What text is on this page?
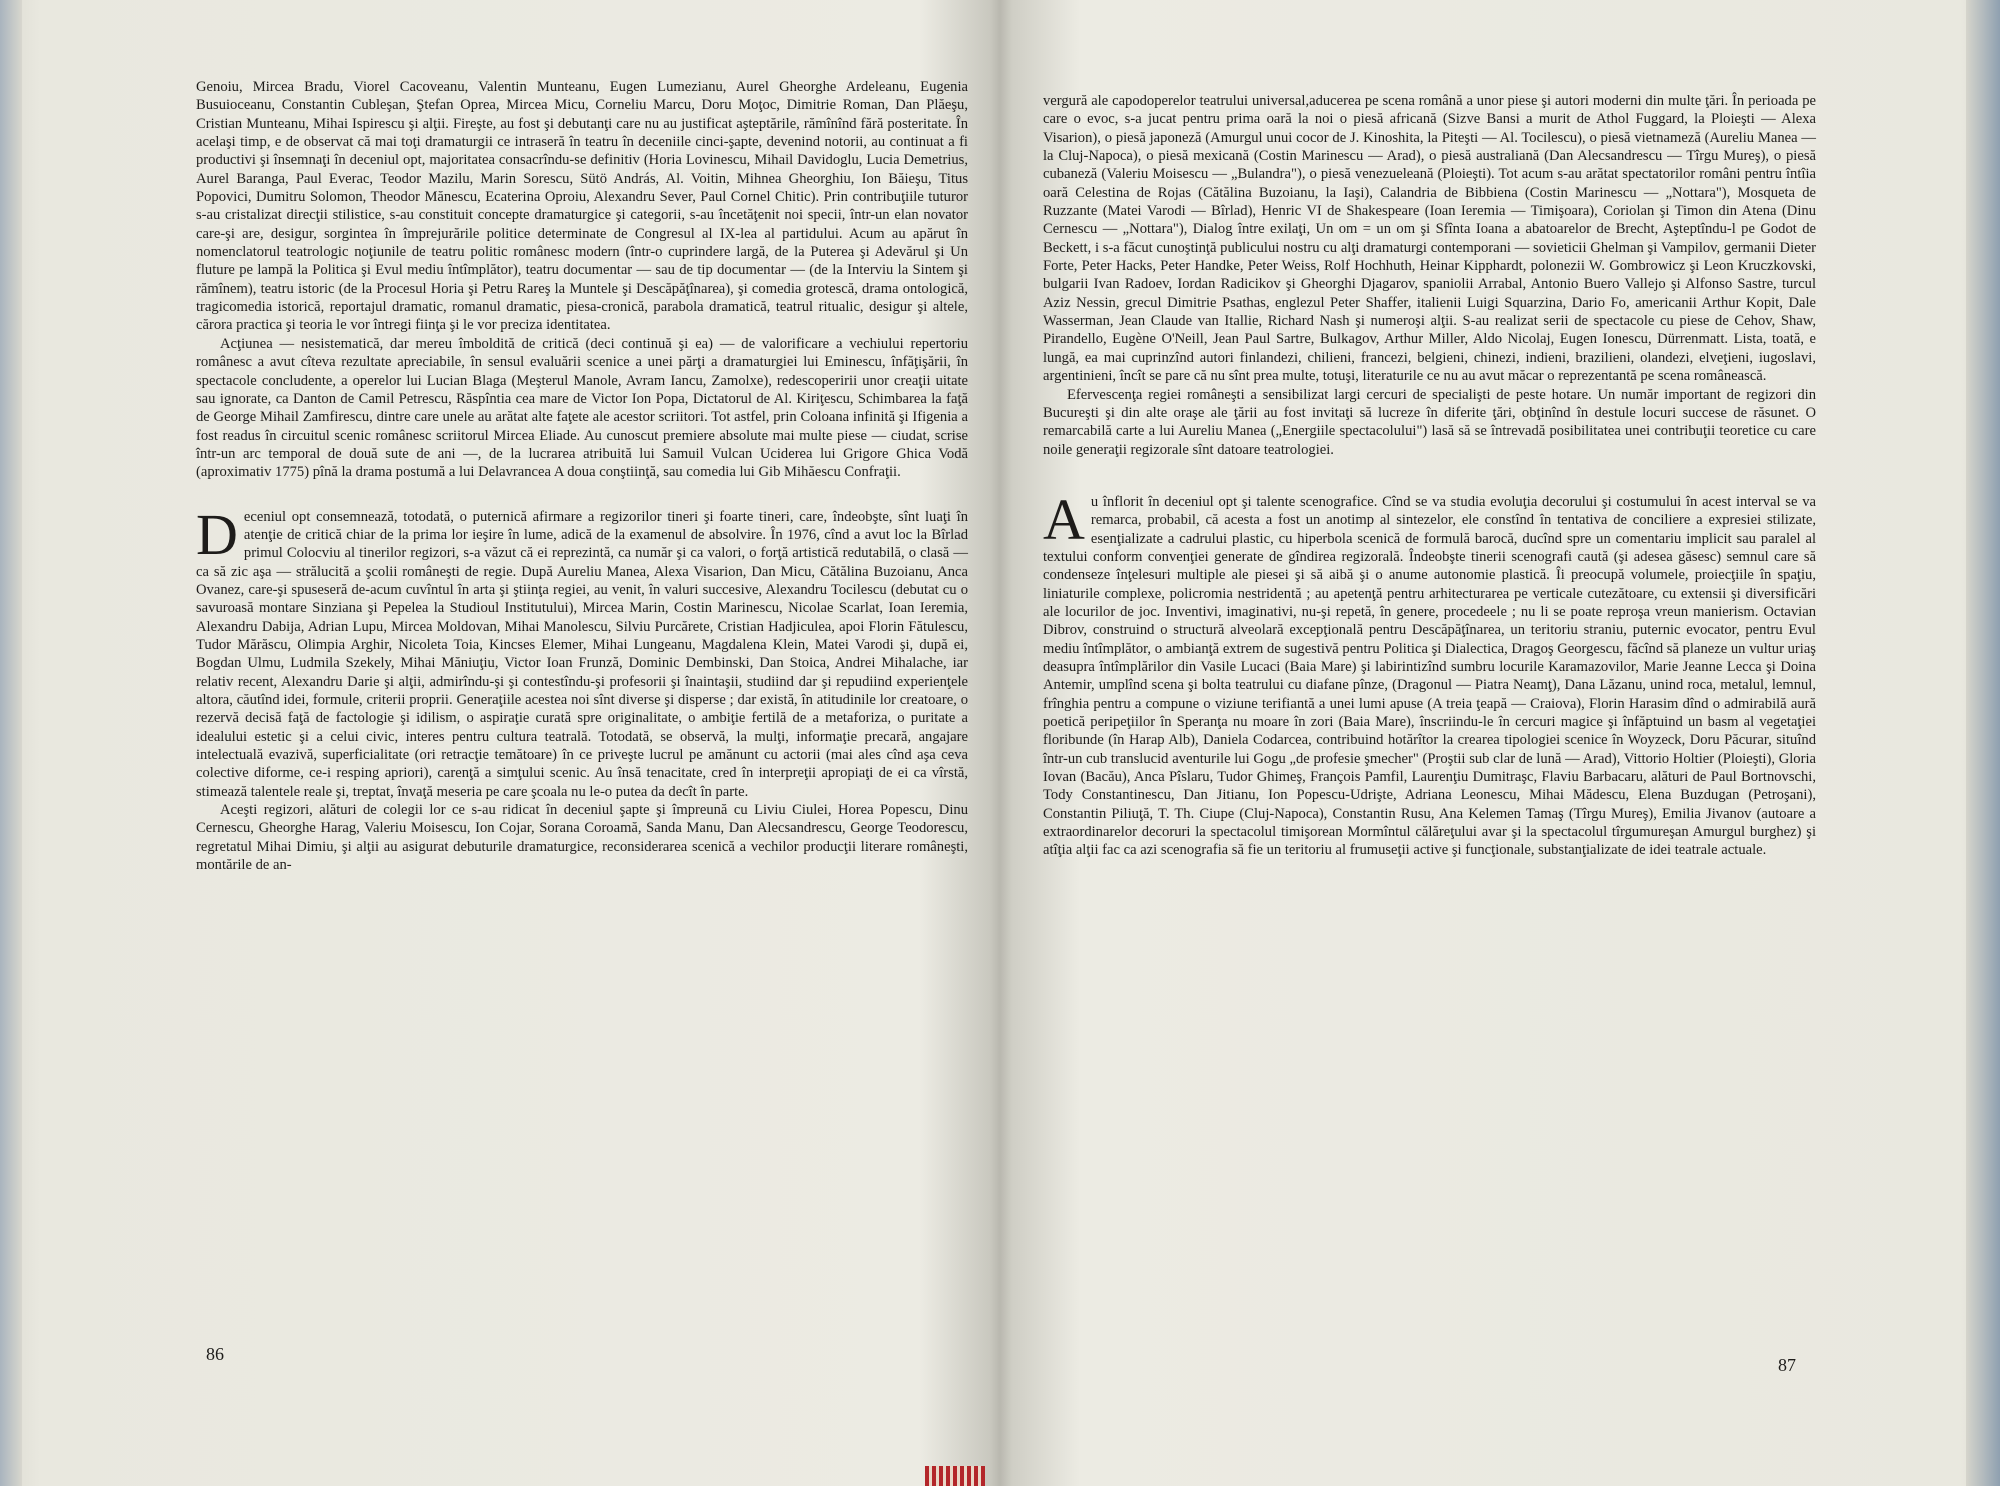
Genoiu, Mircea Bradu, Viorel Cacoveanu, Valentin Munteanu, Eugen Lumezianu, Aurel Gheorghe Ardeleanu, Eugenia Busuioceanu, Constantin Cubleşan, Ştefan Oprea, Mircea Micu, Corneliu Marcu, Doru Moţoc, Dimitrie Roman, Dan Plăeşu, Cristian Munteanu, Mihai Ispirescu şi alţii. Fireşte, au fost şi debutanţi care nu au justificat aşteptările, rămînînd fără posteritate. În acelaşi timp, e de observat că mai toţi dramaturgii ce intraseră în teatru în deceniile cinci-şapte, devenind notorii, au continuat a fi productivi şi însemnaţi în deceniul opt, majoritatea consacrîndu-se definitiv (Horia Lovinescu, Mihail Davidoglu, Lucia Demetrius, Aurel Baranga, Paul Everac, Teodor Mazilu, Marin Sorescu, Sütö András, Al. Voitin, Mihnea Gheorghiu, Ion Băieşu, Titus Popovici, Dumitru Solomon, Theodor Mănescu, Ecaterina Oproiu, Alexandru Sever, Paul Cornel Chitic). Prin contribuţiile tuturor s-au cristalizat direcţii stilistice, s-au constituit concepte dramaturgice şi categorii, s-au încetăţenit noi specii, într-un elan novator care-şi are, desigur, sorgintea în împrejurările politice determinate de Congresul al IX-lea al partidului. Acum au apărut în nomenclatorul teatrologic noţiunile de teatru politic românesc modern (într-o cuprindere largă, de la Puterea şi Adevărul şi Un fluture pe lampă la Politica şi Evul mediu întîmplător), teatru documentar — sau de tip documentar — (de la Interviu la Sintem şi rămînem), teatru istoric (de la Procesul Horia şi Petru Rareş la Muntele şi Descăpăţînarea), şi comedia grotescă, drama ontologică, tragicomedia istorică, reportajul dramatic, romanul dramatic, piesa-cronică, parabola dramatică, teatrul ritualic, desigur şi altele, cărora practica şi teoria le vor întregi fiinţa şi le vor preciza identitatea.

Acţiunea — nesistematică, dar mereu îmboldită de critică (deci continuă şi ea) — de valorificare a vechiului repertoriu românesc a avut cîteva rezultate apreciabile, în sensul evaluării scenice a unei părţi a dramaturgiei lui Eminescu, înfăţişării, în spectacole concludente, a operelor lui Lucian Blaga (Meşterul Manole, Avram Iancu, Zamolxe), redescoperirii unor creaţii uitate sau ignorate, ca Danton de Camil Petrescu, Răspîntia cea mare de Victor Ion Popa, Dictatorul de Al. Kiriţescu, Schimbarea la faţă de George Mihail Zamfirescu, dintre care unele au arătat alte faţete ale acestor scriitori. Tot astfel, prin Coloana infinită şi Ifigenia a fost readus în circuitul scenic românesc scriitorul Mircea Eliade. Au cunoscut premiere absolute mai multe piese — ciudat, scrise într-un arc temporal de două sute de ani —, de la lucrarea atribuită lui Samuil Vulcan Uciderea lui Grigore Ghica Vodă (aproximativ 1775) pînă la drama postumă a lui Delavrancea A doua conştiinţă, sau comedia lui Gib Mihăescu Confraţii.

Deceniul opt consemnează, totodată, o puternică afirmare a regizorilor tineri şi foarte tineri, care, îndeobşte, sînt luaţi în atenţie de critică chiar de la prima lor ieşire în lume, adică de la examenul de absolvire. În 1976, cînd a avut loc la Bîrlad primul Colocviu al tinerilor regizori, s-a văzut că ei reprezintă, ca număr şi ca valori, o forţă artistică redutabilă, o clasă — ca să zic aşa — strălucită a şcolii româneşti de regie. După Aureliu Manea, Alexa Visarion, Dan Micu, Cătălina Buzoianu, Anca Ovanez, care-şi spuseseră de-acum cuvîntul în arta şi ştiinţa regiei, au venit, în valuri succesive, Alexandru Tocilescu (debutat cu o savuroasă montare Sinziana şi Pepelea la Studioul Institutului), Mircea Marin, Costin Marinescu, Nicolae Scarlat, Ioan Ieremia, Alexandru Dabija, Adrian Lupu, Mircea Moldovan, Mihai Manolescu, Silviu Purcărete, Cristian Hadjiculea, apoi Florin Fătulescu, Tudor Mărăscu, Olimpia Arghir, Nicoleta Toia, Kincses Elemer, Mihai Lungeanu, Magdalena Klein, Matei Varodi şi, după ei, Bogdan Ulmu, Ludmila Szekely, Mihai Măniuţiu, Victor Ioan Frunză, Dominic Dembinski, Dan Stoica, Andrei Mihalache, iar relativ recent, Alexandru Darie şi alţii, admirîndu-şi şi contestîndu-şi profesorii şi înaintaşii, studiind dar şi repudiind experienţele altora, căutînd idei, formule, criterii proprii. Generaţiile acestea noi sînt diverse şi disperse ; dar există, în atitudinile lor creatoare, o rezervă decisă faţă de factologie şi idilism, o aspiraţie curată spre originalitate, o ambiţie fertilă de a metaforiza, o puritate a idealului estetic şi a celui civic, interes pentru cultura teatrală. Totodată, se observă, la mulţi, informaţie precară, angajare intelectuală evazivă, superficialitate (ori retracţie temătoare) în ce priveşte lucrul pe amănunt cu actorii (mai ales cînd aşa ceva colective diforme, ce-i resping apriori), carenţă a simţului scenic. Au însă tenacitate, cred în interpreţii apropiaţi de ei ca vîrstă, stimează talentele reale şi, treptat, învaţă meseria pe care şcoala nu le-o putea da decît în parte.

Aceşti regizori, alături de colegii lor ce s-au ridicat în deceniul şapte şi împreună cu Liviu Ciulei, Horea Popescu, Dinu Cernescu, Gheorghe Harag, Valeriu Moisescu, Ion Cojar, Sorana Coroamă, Sanda Manu, Dan Alecsandrescu, George Teodorescu, regretatul Mihai Dimiu, şi alţii au asigurat debuturile dramaturgice, reconsiderarea scenică a vechilor producţii literare româneşti, montările de an-

86

vergură ale capodoperelor teatrului universal,aducerea pe scena română a unor piese şi autori moderni din multe ţări. În perioada pe care o evoc, s-a jucat pentru prima oară la noi o piesă africană (Sizve Bansi a murit de Athol Fuggard, la Ploieşti — Alexa Visarion), o piesă japoneză (Amurgul unui cocor de J. Kinoshita, la Piteşti — Al. Tocilescu), o piesă vietnameză (Aureliu Manea — la Cluj-Napoca), o piesă mexicană (Costin Marinescu — Arad), o piesă australiană (Dan Alecsandrescu — Tîrgu Mureş), o piesă cubaneză (Valeriu Moisescu — „Bulandra"), o piesă venezueleană (Ploieşti). Tot acum s-au arătat spectatorilor români pentru întîia oară Celestina de Rojas (Cătălina Buzoianu, la Iaşi), Calandria de Bibbiena (Costin Marinescu — „Nottara"), Mosqueta de Ruzzante (Matei Varodi — Bîrlad), Henric VI de Shakespeare (Ioan Ieremia — Timişoara), Coriolan şi Timon din Atena (Dinu Cernescu — „Nottara"), Dialog între exilaţi, Un om = un om şi Sfînta Ioana a abatoarelor de Brecht, Aşteptîndu-l pe Godot de Beckett, i s-a făcut cunoştinţă publicului nostru cu alţi dramaturgi contemporani — sovieticii Ghelman şi Vampilov, germanii Dieter Forte, Peter Hacks, Peter Handke, Peter Weiss, Rolf Hochhuth, Heinar Kipphardt, polonezii W. Gombrowicz şi Leon Kruczkovski, bulgarii Ivan Radoev, Iordan Radicikov şi Gheorghi Djagarov, spaniolii Arrabal, Antonio Buero Vallejo şi Alfonso Sastre, turcul Aziz Nessin, grecul Dimitrie Psathas, englezul Peter Shaffer, italienii Luigi Squarzina, Dario Fo, americanii Arthur Kopit, Dale Wasserman, Jean Claude van Itallie, Richard Nash şi numeroşi alţii. S-au realizat serii de spectacole cu piese de Cehov, Shaw, Pirandello, Eugène O'Neill, Jean Paul Sartre, Bulkagov, Arthur Miller, Aldo Nicolaj, Eugen Ionescu, Dürrenmatt. Lista, toată, e lungă, ea mai cuprinzînd autori finlandezi, chilieni, francezi, belgieni, chinezi, indieni, brazilieni, olandezi, elveţieni, iugoslavi, argentinieni, încît se pare că nu sînt prea multe, totuşi, literaturile ce nu au avut măcar o reprezentantă pe scena românească.

Efervescenţa regiei româneşti a sensibilizat largi cercuri de specialişti de peste hotare. Un număr important de regizori din Bucureşti şi din alte oraşe ale ţării au fost invitaţi să lucreze în diferite ţări, obţinînd în destule locuri succese de răsunet. O remarcabilă carte a lui Aureliu Manea („Energiile spectacolului") lasă să se întrevadă posibilitatea unei contribuţii teoretice cu care noile generaţii regizorale sînt datoare teatrologiei.

Au înflorit în deceniul opt şi talente scenografice. Cînd se va studia evoluţia decorului şi costumului în acest interval se va remarca, probabil, că acesta a fost un anotimp al sintezelor, ele constînd în tentativa de conciliere a expresiei stilizate, esenţializate a cadrului plastic, cu hiperbola scenică de formulă barocă, ducînd spre un comentariu implicit sau paralel al textului conform convenţiei generate de gîndirea regizorală. Îndeobşte tinerii scenografi caută (şi adesea găsesc) semnul care să condenseze înţelesuri multiple ale piesei şi să aibă şi o anume autonomie plastică. Îi preocupă volumele, proiecţiile în spaţiu, liniaturile complexe, policromia nestridentă ; au apetenţă pentru arhitecturarea pe verticale cutezătoare, cu extensii şi diversificări ale locurilor de joc. Inventivi, imaginativi, nu-şi repetă, în genere, procedeele ; nu li se poate reproşa vreun manierism. Octavian Dibrov, construind o structură alveolară excepţională pentru Descăpăţînarea, un teritoriu straniu, puternic evocator, pentru Evul mediu întîmplător, o ambianţă extrem de sugestivă pentru Politica şi Dialectica, Dragoş Georgescu, făcînd să planeze un vultur uriaş deasupra întîmplărilor din Vasile Lucaci (Baia Mare) şi labirintizînd sumbru locurile Karamazovilor, Marie Jeanne Lecca şi Doina Antemir, umplînd scena şi bolta teatrului cu diafane pînze, (Dragonul — Piatra Neamţ), Dana Lăzanu, unind roca, metalul, lemnul, frînghia pentru a compune o viziune terifiantă a unei lumi apuse (A treia ţeapă — Craiova), Florin Harasim dînd o admirabilă aură poetică peripeţiilor în Speranţa nu moare în zori (Baia Mare), înscriindu-le în cercuri magice şi înfăptuind un basm al vegetaţiei floribunde (în Harap Alb), Daniela Codarcea, contribuind hotărîtor la crearea tipologiei scenice în Woyzeck, Doru Păcurar, situînd într-un cub translucid aventurile lui Gogu „de profesie şmecher" (Proştii sub clar de lună — Arad), Vittorio Holtier (Ploieşti), Gloria Iovan (Bacău), Anca Pîslaru, Tudor Ghimeş, François Pamfil, Laurenţiu Dumitraşc, Flaviu Barbacaru, alături de Paul Bortnovschi, Tody Constantinescu, Dan Jitianu, Ion Popescu-Udrişte, Adriana Leonescu, Mihai Mădescu, Elena Buzdugan (Petroşani), Constantin Piliuţă, T. Th. Ciupe (Cluj-Napoca), Constantin Rusu, Ana Kelemen Tamaş (Tîrgu Mureş), Emilia Jivanov (autoare a extraordinarelor decoruri la spectacolul timişorean Mormîntul călăreţului avar şi la spectacolul tîrgumureşan Amurgul burghez) şi atîţia alţii fac ca azi scenografia să fie un teritoriu al frumuseţii active şi funcţionale, substanţializate de idei teatrale actuale.

87
